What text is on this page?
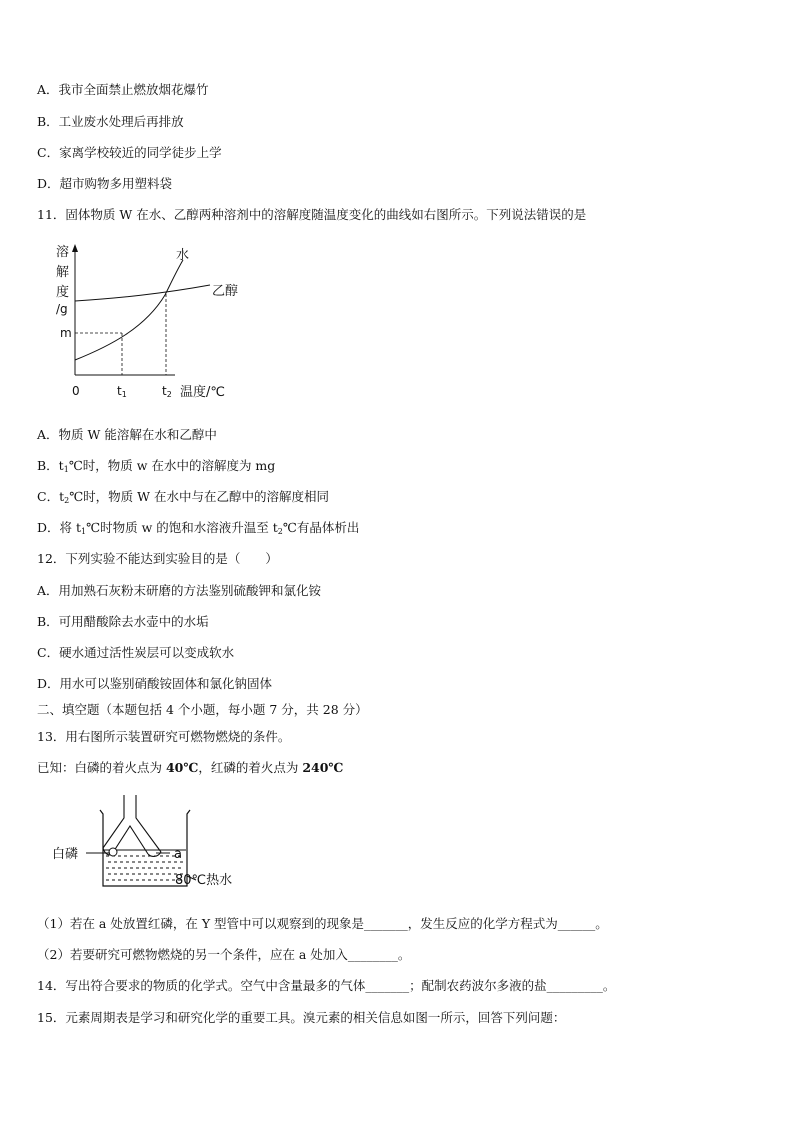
A．我市全面禁止燃放烟花爆竹
B．工业废水处理后再排放
C．家离学校较近的同学徒步上学
D．超市购物多用塑料袋
11．固体物质 W 在水、乙醇两种溶剂中的溶解度随温度变化的曲线如右图所示。下列说法错误的是
溶
解
度
/g
m
0	t1	t2 温度/℃
水
乙醇
A．物质 W 能溶解在水和乙醇中
B．$t_1℃$时，物质 w 在水中的溶解度为 mg
C．$t_2℃$时，物质 W 在水中与在乙醇中的溶解度相同
D．将 $t_1℃$时物质 w 的饱和水溶液升温至 $t_2℃$有晶体析出
12．下列实验不能达到实验目的是（　　）
A．用加熟石灰粉末研磨的方法鉴别硫酸钾和氯化铵
B．可用醋酸除去水壶中的水垢
C．硬水通过活性炭层可以变成软水
D．用水可以鉴别硝酸铵固体和氯化钠固体
二、填空题（本题包括 4 个小题，每小题 7 分，共 28 分）
13．用右图所示装置研究可燃物燃烧的条件。
已知：白磷的着火点为 40℃，红磷的着火点为 240℃
白磷	a
80℃热水
（1）若在 a 处放置红磷，在 Y 型管中可以观察到的现象是_______，发生反应的化学方程式为______。
（2）若要研究可燃物燃烧的另一个条件，应在 a 处加入________。
14．写出符合要求的物质的化学式。空气中含量最多的气体_______；配制农药波尔多液的盐_________。
15．元素周期表是学习和研究化学的重要工具。溴元素的相关信息如图一所示，回答下列问题：
